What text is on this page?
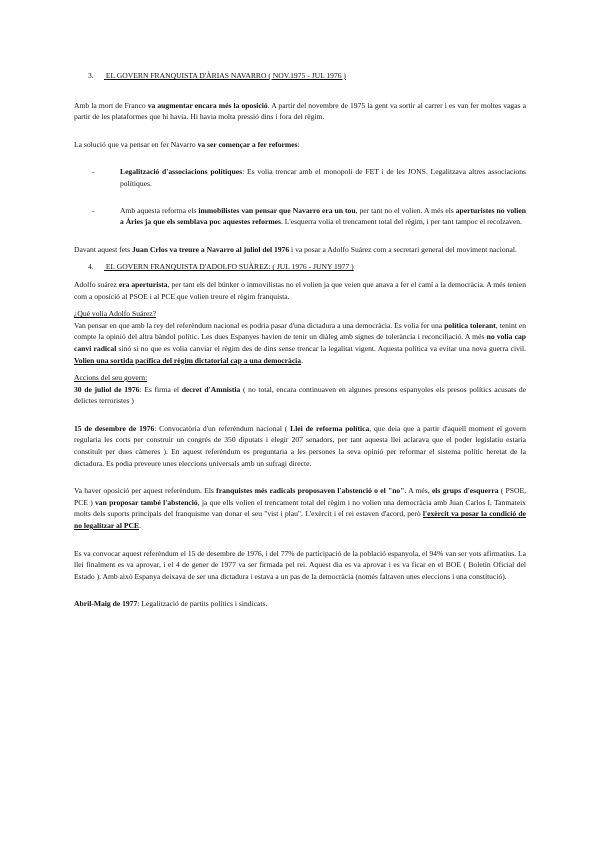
3. EL GOVERN FRANQUISTA D'ÀRIAS NAVARRO ( NOV.1975 - JUL 1976 )

Amb la mort de Franco va augmentar encara més la oposició. A partir del novembre de 1975 la gent va sortir al carrer i es van fer moltes vagas a partir de les plataformes que hi havia. Hi havia molta pressió dins i fora del règim.

La solució que va pensar en fer Navarro va ser començar a fer reformes:

-	Legalització d'associacions polítiques: Es volia trencar amb el monopoli de FET i de les JONS. Legalitzava altres associacions polítiques.
-	Amb aquesta reforma els immobilistes van pensar que Navarro era un tou, per tant no el volien. A més els aperturistes no volien a Àries ja que els semblava poc aquestes reformes. L'esquerra volia el trencament total del règim, i per tant tampoc el recolzaven.

Davant aquest fets Juan Crlos va treure a Navarro al juliol del 1976 i va posar a Adolfo Suárez com a secretari general del moviment nacional.

4. EL GOVERN FRANQUISTA D'ADOLFO SUÀREZ: ( JUL 1976 - JUNY 1977 )

Adolfo suárez era aperturista, per tant els del búnker o inmovilistas no el volien ja que veien que anava a fer el camí a la democràcia. A més tenien com a oposició al PSOE i al PCE que volien treure el règim franquista.

¿Qué volia Adolfo Suárez?

Van pensar en que amb la rey del referèndum nacional es podria pasar d'una dictadura a una democràcia. Es volia fer una política tolerant, tenint en compte la opinió del altra bàndol polític. Les dues Espanyes havien de tenir un diàleg amb signes de tolerància i reconciliació. A més no volia cap canvi radical sinó si no que es volia canviar el règim des de dins sense trencar la legalitat vigent. Aquesta política va evitar una nova guerra civil. Volien una sortida pacífica del règim dictatorial cap a una democràcia.

Accions del seu govern:

30 de juliol de 1976: Es firma el decret d'Amnistia ( no total, encara continuaven en algunes presons espanyoles els presos polítics acusats de delictes terroristes )

15 de desembre de 1976: Convocatòria d'un referèndum nacional ( Llei de reforma política, que deia que a partir d'aquell moment el govern regularia les corts per construir un congrés de 350 diputats i elegir 207 senadors, per tant aquesta llei aclarava que el poder legislatiu estaria constituït per dues càmeres ). En aquest referèndum es preguntaria a les persones la seva opinió per reformar el sistema polític heretat de la dictadura. Es podia preveure unes eleccions universals amb un sufragi directe.

Va haver oposició per aquest referèndum. Els franquistes més radicals proposaven l'abstenció o el "no". A més, els grups d'esquerra ( PSOE, PCE ) van proposar també l'abstenció, ja que ells volien el trencament total del règim i no volien una democràcia amb Juan Carlos I. Tanmateix molts dels suports principals del franquisme van donar el seu "vist i plau". L'exèrcit i el rei estaven d'acord, però l'exèrcit va posar la condició de no legalitzar al PCE.

Es va convocar aquest referèndum el 15 de desembre de 1976, i del 77% de participació de la població espanyola, el 94% van ser vots afirmatius. La llei finalment es va aprovar, i el 4 de gener de 1977 va ser firmada pel rei. Aquest dia es va aprovar i es va ficar en el BOE ( Boletín Oficial del Estado ). Amb això Espanya deixava de ser una dictadura i estava a un pas de la democràcia (només faltaven unes eleccions i una constitució).

Abril-Maig de 1977: Legalització de partits polítics i sindicats.
